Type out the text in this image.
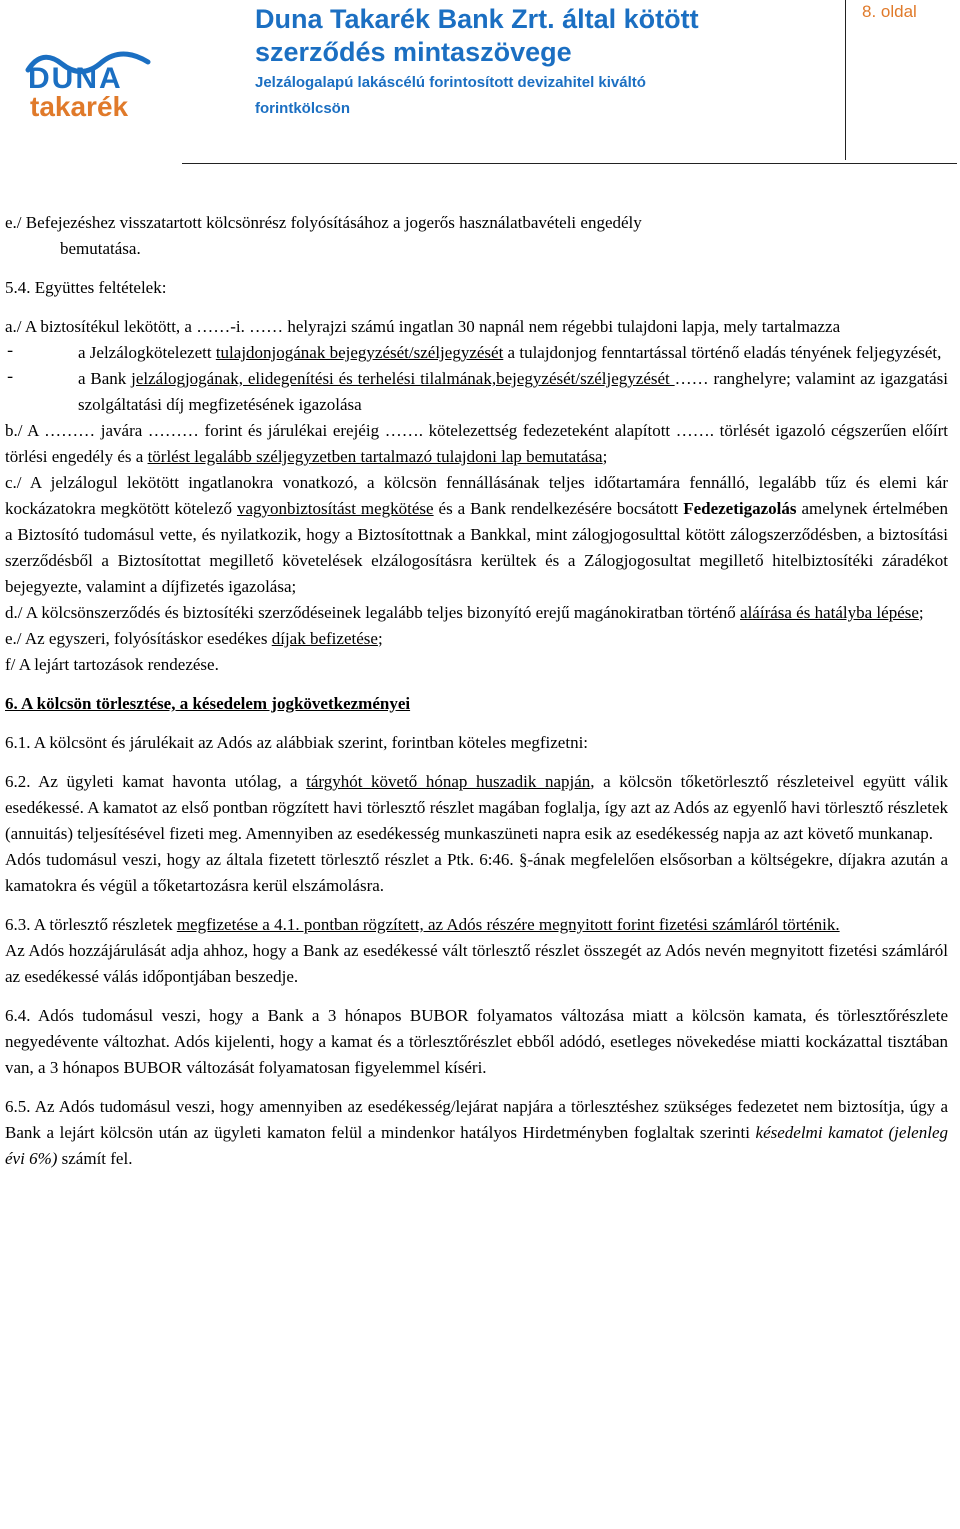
DUNA
takarék
Duna Takarék Bank Zrt. által kötött
szerződés mintaszövege
Jelzálogalapú lakáscélú forintosított devizahitel kiváltó
forintkölcsön
8. oldal

e./ Befejezéshez visszatartott kölcsönrész folyósításához a jogerős használatbavételi engedély
bemutatása.

5.4. Együttes feltételek:

a./ A biztosítékul lekötött, a ……-i. …… helyrajzi számú ingatlan 30 napnál nem régebbi tulajdoni lapja, mely tartalmazza

-	a Jelzálogkötelezett tulajdonjogának bejegyzését/széljegyzését a tulajdonjog fenntartással történő eladás tényének feljegyzését,
-	a Bank jelzálogjogának, elidegenítési és terhelési tilalmának,bejegyzését/széljegyzését …… ranghelyre; valamint az igazgatási szolgáltatási díj megfizetésének igazolása

b./ A ……… javára ……… forint és járulékai erejéig ……. kötelezettség fedezeteként alapított ……. törlését igazoló cégszerűen előírt törlési engedély és a törlést legalább széljegyzetben tartalmazó tulajdoni lap bemutatása;

c./ A jelzálogul lekötött ingatlanokra vonatkozó, a kölcsön fennállásának teljes időtartamára fennálló, legalább tűz és elemi kár kockázatokra megkötött kötelező vagyonbiztosítást megkötése és a Bank rendelkezésére bocsátott Fedezetigazolás amelynek értelmében a Biztosító tudomásul vette, és nyilatkozik, hogy a Biztosítottnak a Bankkal, mint zálogjogosulttal kötött zálogszerződésben, a biztosítási szerződésből a Biztosítottat megillető követelések elzálogosításra kerültek és a Zálogjogosultat megillető hitelbiztosítéki záradékot bejegyezte, valamint a díjfizetés igazolása;

d./ A kölcsönszerződés és biztosítéki szerződéseinek legalább teljes bizonyító erejű magánokiratban történő aláírása és hatályba lépése;

e./ Az egyszeri, folyósításkor esedékes díjak befizetése;

f/ A lejárt tartozások rendezése.

6. A kölcsön törlesztése, a késedelem jogkövetkezményei

6.1. A kölcsönt és járulékait az Adós az alábbiak szerint, forintban köteles megfizetni:

6.2. Az ügyleti kamat havonta utólag, a tárgyhót követő hónap huszadik napján, a kölcsön tőketörlesztő részleteivel együtt válik esedékessé. A kamatot az első pontban rögzített havi törlesztő részlet magában foglalja, így azt az Adós az egyenlő havi törlesztő részletek (annuitás) teljesítésével fizeti meg. Amennyiben az esedékesség munkaszüneti napra esik az esedékesség napja az azt követő munkanap.

Adós tudomásul veszi, hogy az általa fizetett törlesztő részlet a Ptk. 6:46. §-ának megfelelően elsősorban a költségekre, díjakra azután a kamatokra és végül a tőketartozásra kerül elszámolásra.

6.3. A törlesztő részletek megfizetése a 4.1. pontban rögzített, az Adós részére megnyitott forint fizetési számláról történik.

Az Adós hozzájárulását adja ahhoz, hogy a Bank az esedékessé vált törlesztő részlet összegét az Adós nevén megnyitott fizetési számláról az esedékessé válás időpontjában beszedje.

6.4. Adós tudomásul veszi, hogy a Bank a 3 hónapos BUBOR folyamatos változása miatt a kölcsön kamata, és törlesztőrészlete negyedévente változhat. Adós kijelenti, hogy a kamat és a törlesztőrészlet ebből adódó, esetleges növekedése miatti kockázattal tisztában van, a 3 hónapos BUBOR változását folyamatosan figyelemmel kíséri.

6.5. Az Adós tudomásul veszi, hogy amennyiben az esedékesség/lejárat napjára a törlesztéshez szükséges fedezetet nem biztosítja, úgy a Bank a lejárt kölcsön után az ügyleti kamaton felül a mindenkor hatályos Hirdetményben foglaltak szerinti késedelmi kamatot (jelenleg évi 6%) számít fel.
